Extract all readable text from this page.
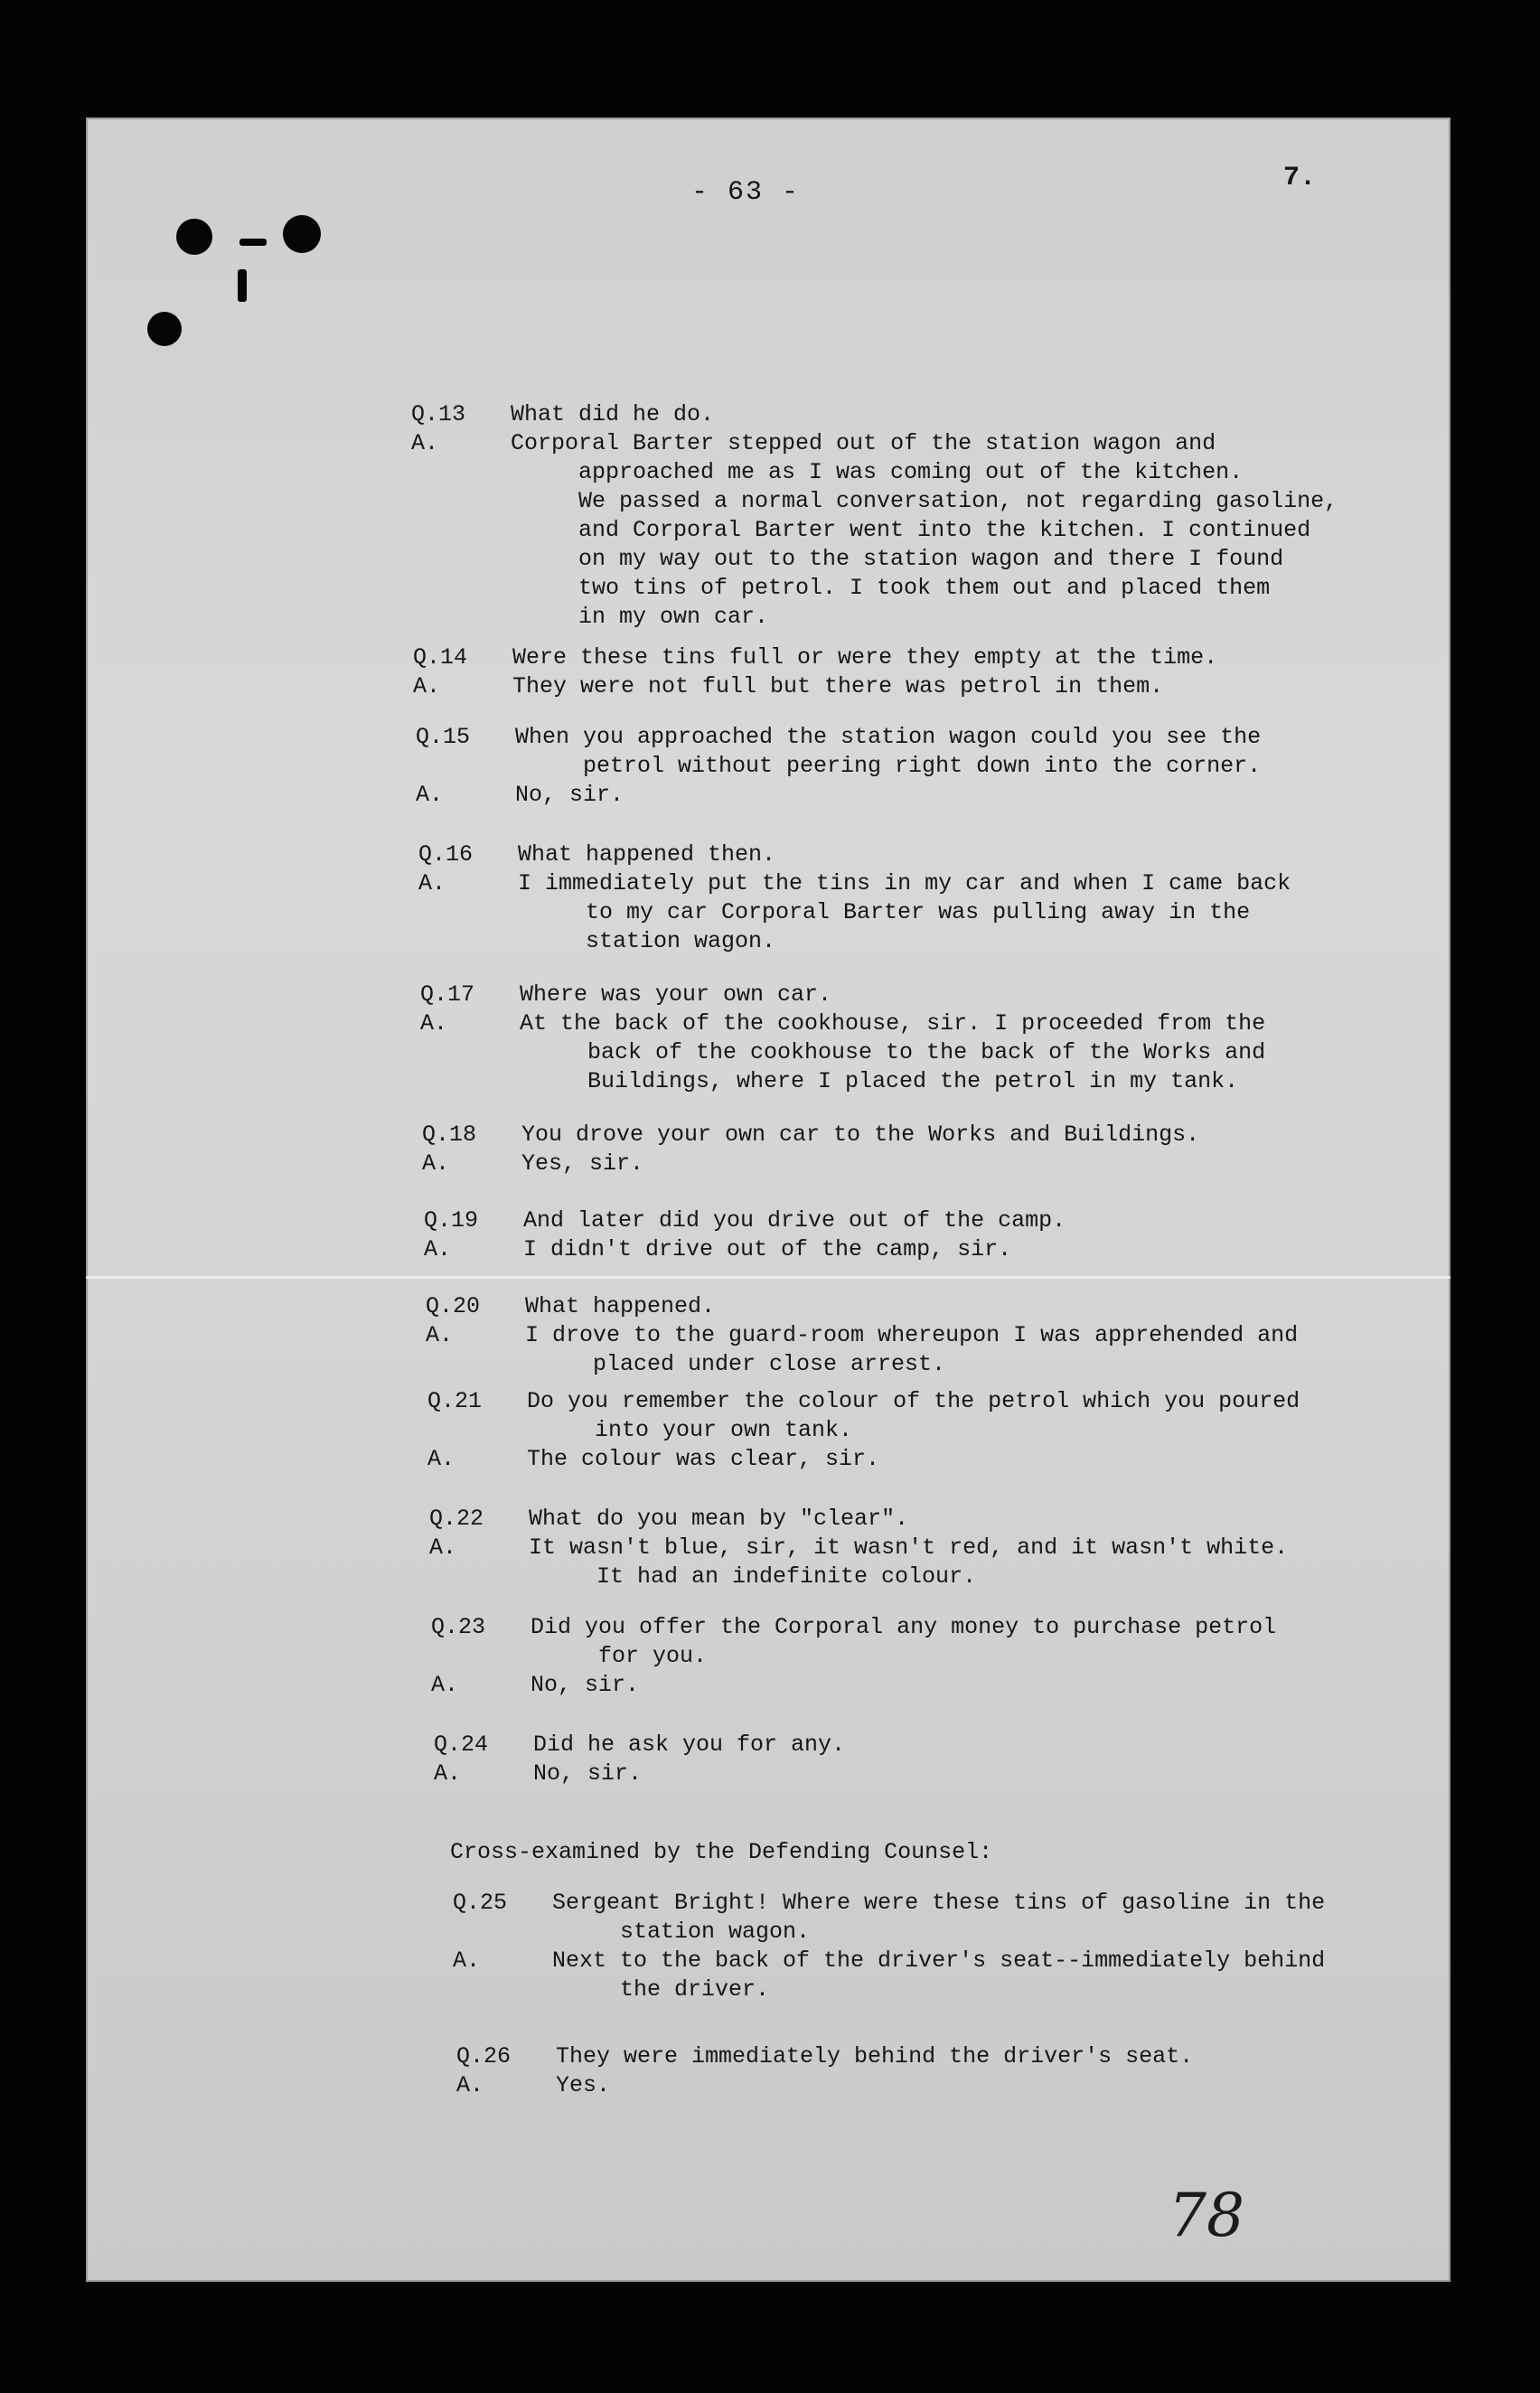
- 63 -	7.
Q.13	What did he do.
A.	Corporal Barter stepped out of the station wagon and
approached me as I was coming out of the kitchen.
We passed a normal conversation, not regarding gasoline,
and Corporal Barter went into the kitchen. I continued
on my way out to the station wagon and there I found
two tins of petrol. I took them out and placed them
in my own car.
Q.14	Were these tins full or were they empty at the time.
A.	They were not full but there was petrol in them.
Q.15	When you approached the station wagon could you see the
petrol without peering right down into the corner.
A.	No, sir.
Q.16	What happened then.
A.	I immediately put the tins in my car and when I came back
to my car Corporal Barter was pulling away in the
station wagon.
Q.17	Where was your own car.
A.	At the back of the cookhouse, sir. I proceeded from the
back of the cookhouse to the back of the Works and
Buildings, where I placed the petrol in my tank.
Q.18	You drove your own car to the Works and Buildings.
A.	Yes, sir.
Q.19	And later did you drive out of the camp.
A.	I didn't drive out of the camp, sir.
Q.20	What happened.
A.	I drove to the guard-room whereupon I was apprehended and
placed under close arrest.
Q.21	Do you remember the colour of the petrol which you poured
into your own tank.
A.	The colour was clear, sir.
Q.22	What do you mean by "clear".
A.	It wasn't blue, sir, it wasn't red, and it wasn't white.
It had an indefinite colour.
Q.23	Did you offer the Corporal any money to purchase petrol
for you.
A.	No, sir.
Q.24	Did he ask you for any.
A.	No, sir.
Cross-examined by the Defending Counsel:
Q.25	Sergeant Bright! Where were these tins of gasoline in the
station wagon.
A.	Next to the back of the driver's seat--immediately behind
the driver.
Q.26	They were immediately behind the driver's seat.
A.	Yes.
78
